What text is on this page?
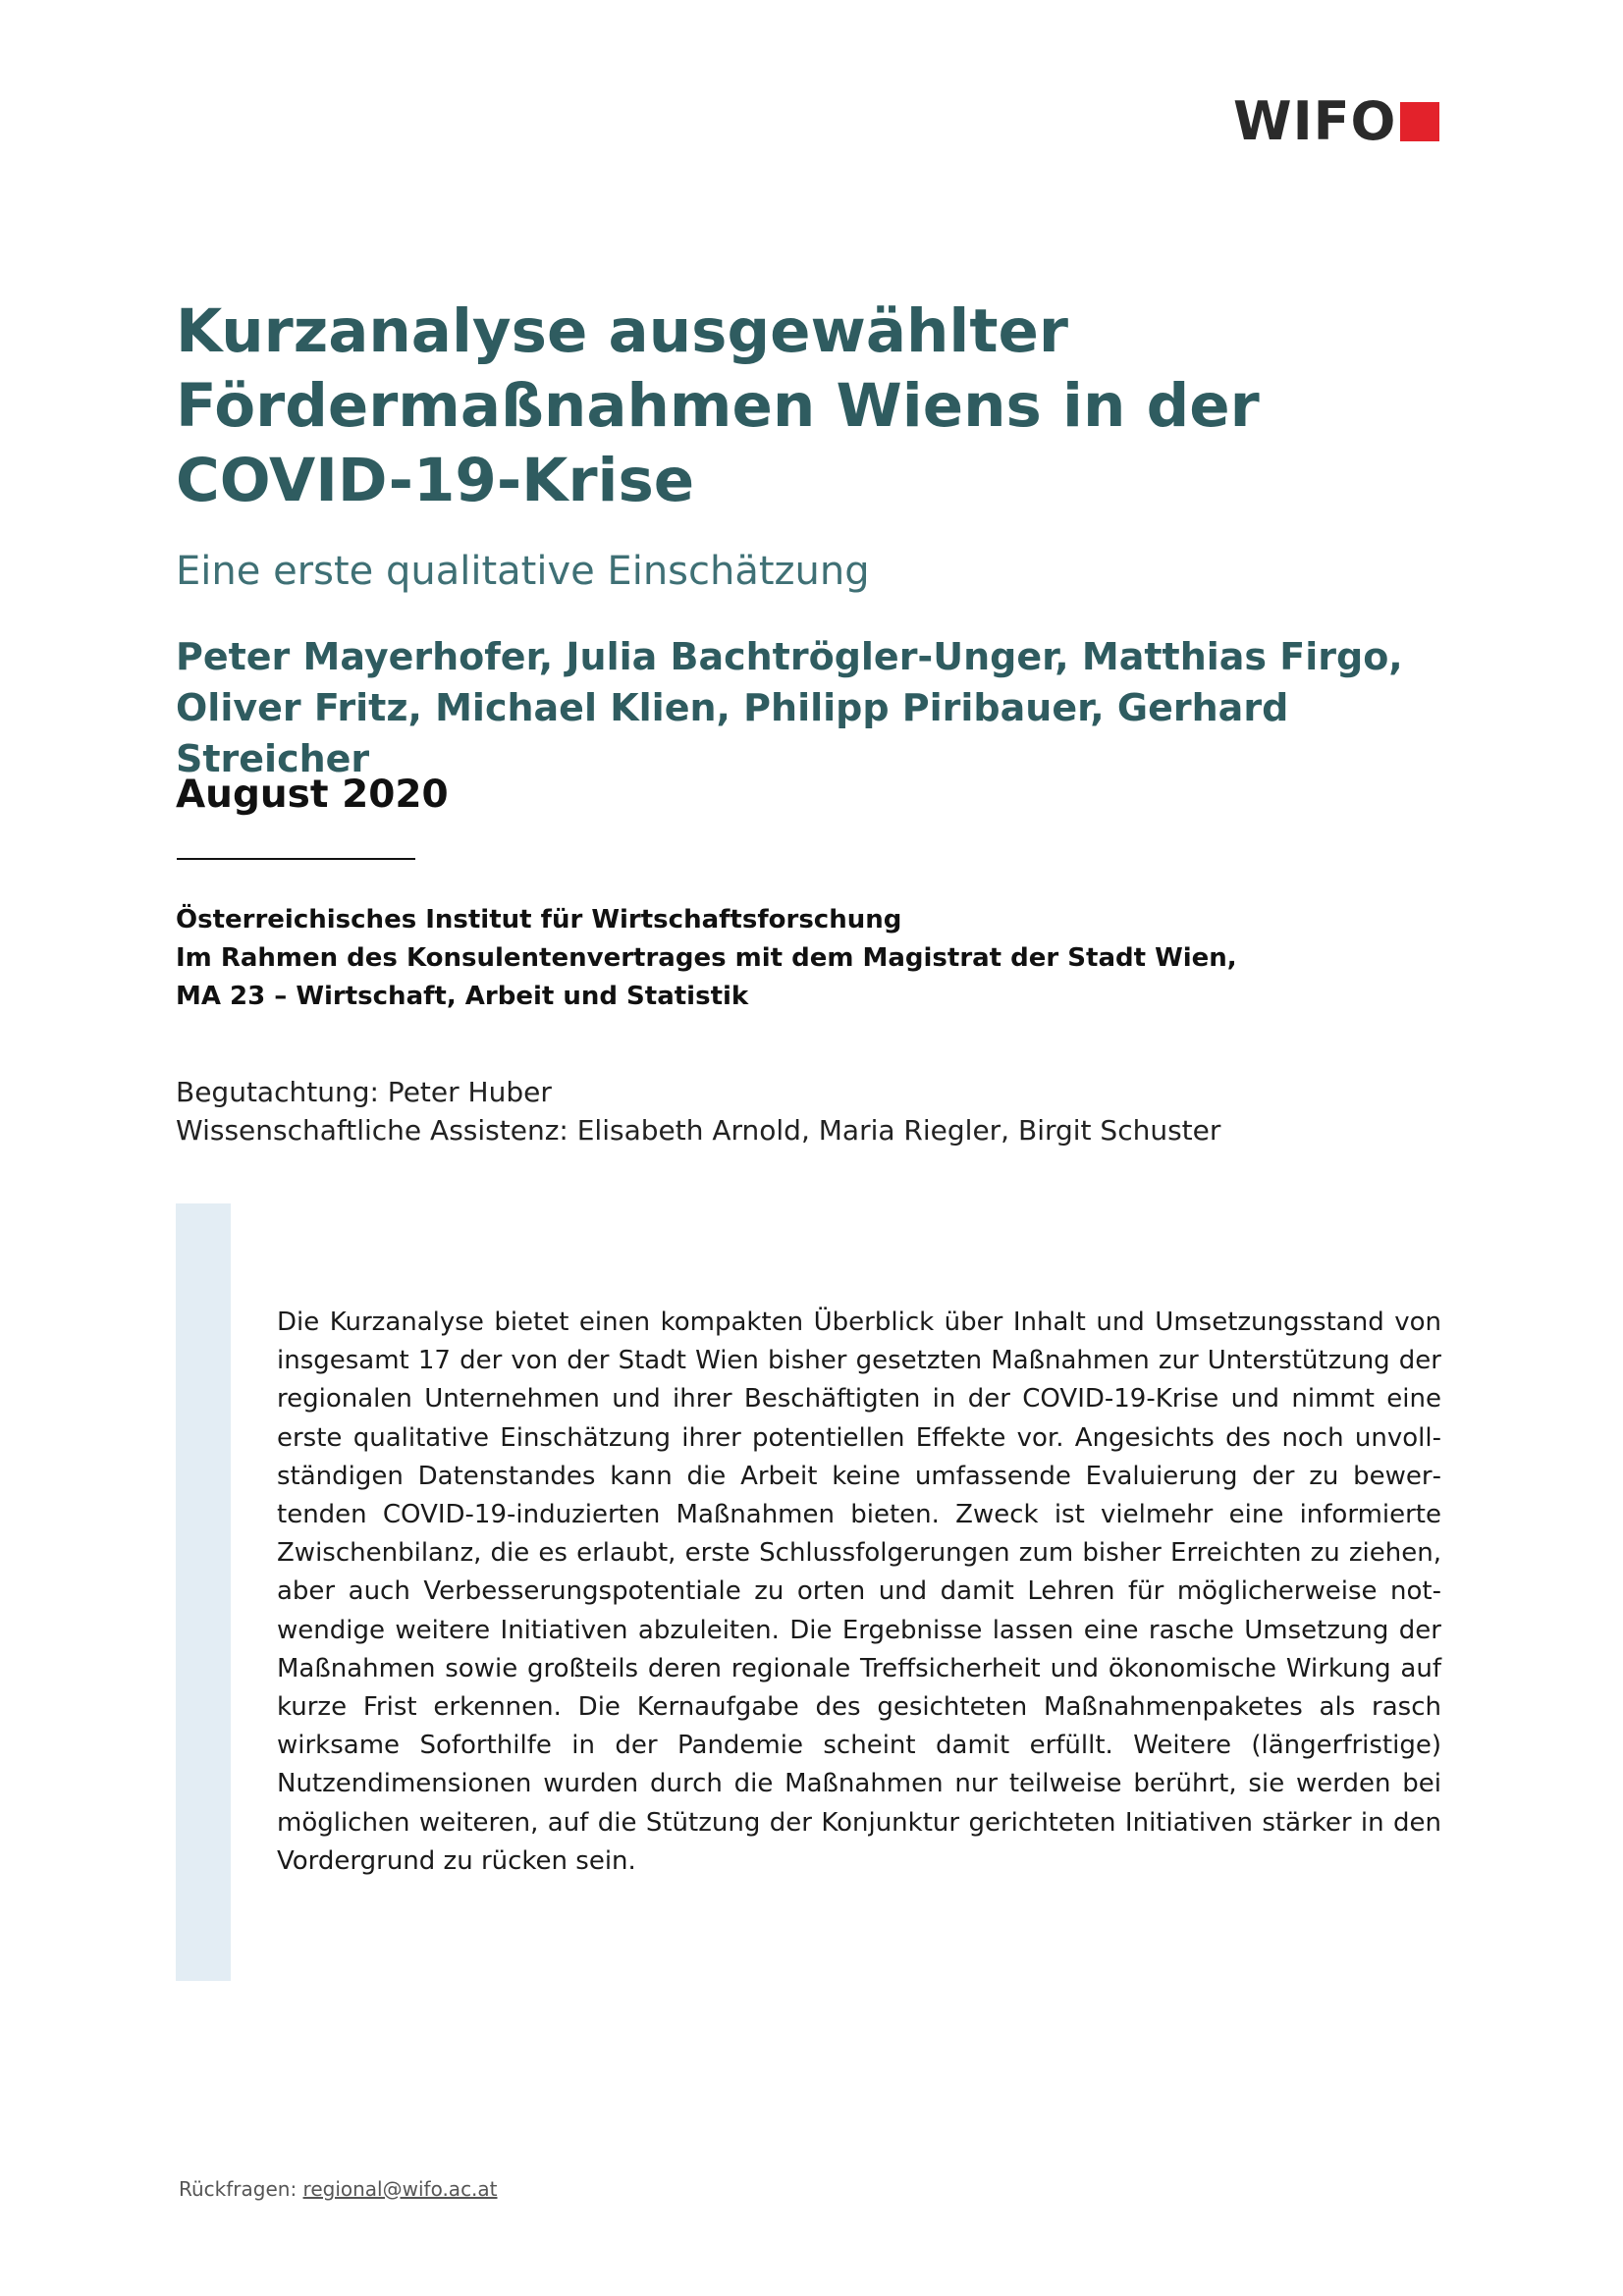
WIFO
Kurzanalyse ausgewählter
Fördermaßnahmen Wiens in der
COVID-19-Krise
Eine erste qualitative Einschätzung

Peter Mayerhofer, Julia Bachtrögler-Unger, Matthias Firgo,
Oliver Fritz, Michael Klien, Philipp Piribauer, Gerhard Streicher

August 2020

Österreichisches Institut für Wirtschaftsforschung
Im Rahmen des Konsulentenvertrages mit dem Magistrat der Stadt Wien,
MA 23 – Wirtschaft, Arbeit und Statistik
Begutachtung: Peter Huber
Wissenschaftliche Assistenz: Elisabeth Arnold, Maria Riegler, Birgit Schuster

Die Kurzanalyse bietet einen kompakten Überblick über Inhalt und Umsetzungsstand von insgesamt 17 der von der Stadt Wien bisher gesetzten Maßnahmen zur Unterstützung der regionalen Unternehmen und ihrer Beschäftigten in der COVID-19-Krise und nimmt eine erste qualitative Einschätzung ihrer potentiellen Effekte vor. Angesichts des noch unvollständigen Datenstandes kann die Arbeit keine umfassende Evaluierung der zu bewertenden COVID-19-induzierten Maßnahmen bieten. Zweck ist vielmehr eine informierte Zwischenbilanz, die es erlaubt, erste Schlussfolgerungen zum bisher Erreichten zu ziehen, aber auch Verbesserungspotentiale zu orten und damit Lehren für möglicherweise notwendige weitere Initiativen abzuleiten. Die Ergebnisse lassen eine rasche Umsetzung der Maßnahmen sowie großteils deren regionale Treffsicherheit und ökonomische Wirkung auf kurze Frist erkennen. Die Kernaufgabe des gesichteten Maßnahmenpaketes als rasch wirksame Soforthilfe in der Pandemie scheint damit erfüllt. Weitere (längerfristige) Nutzendimensionen wurden durch die Maßnahmen nur teilweise berührt, sie werden bei möglichen weiteren, auf die Stützung der Konjunktur gerichteten Initiativen stärker in den Vordergrund zu rücken sein.

Rückfragen: regional@wifo.ac.at
